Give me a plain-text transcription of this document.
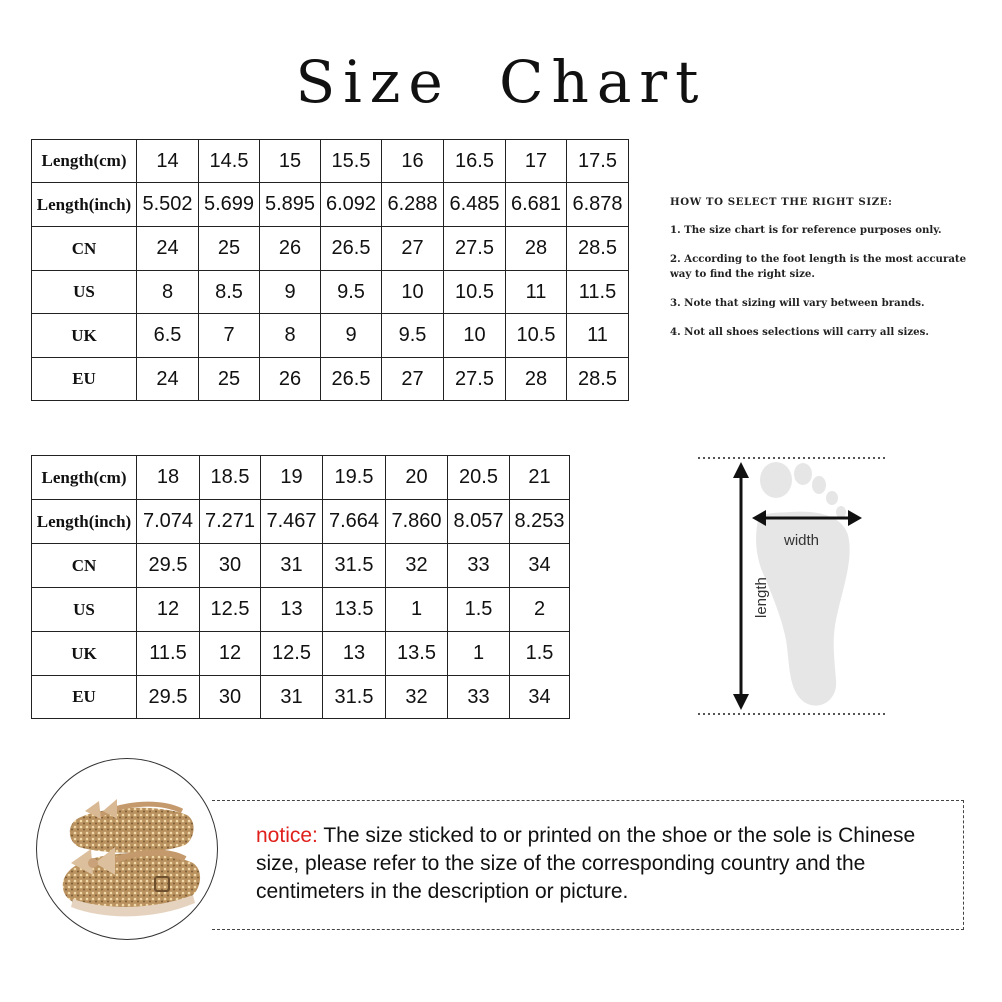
Size Chart
Length(cm)	14	14.5	15	15.5	16	16.5	17	17.5
Length(inch)	5.502	5.699	5.895	6.092	6.288	6.485	6.681	6.878
CN	24	25	26	26.5	27	27.5	28	28.5
US	8	8.5	9	9.5	10	10.5	11	11.5
UK	6.5	7	8	9	9.5	10	10.5	11
EU	24	25	26	26.5	27	27.5	28	28.5
Length(cm)	18	18.5	19	19.5	20	20.5	21
Length(inch)	7.074	7.271	7.467	7.664	7.860	8.057	8.253
CN	29.5	30	31	31.5	32	33	34
US	12	12.5	13	13.5	1	1.5	2
UK	11.5	12	12.5	13	13.5	1	1.5
EU	29.5	30	31	31.5	32	33	34
HOW TO SELECT THE RIGHT SIZE:
1. The size chart is for reference purposes only.
2. According to the foot length is the most accurate way to find the right size.
3. Note that sizing will vary between brands.
4. Not all shoes selections will carry all sizes.
width
length
notice: The size sticked to or printed on the shoe or the sole is Chinese size, please refer to the size of the corresponding country and the centimeters in the description or picture.
